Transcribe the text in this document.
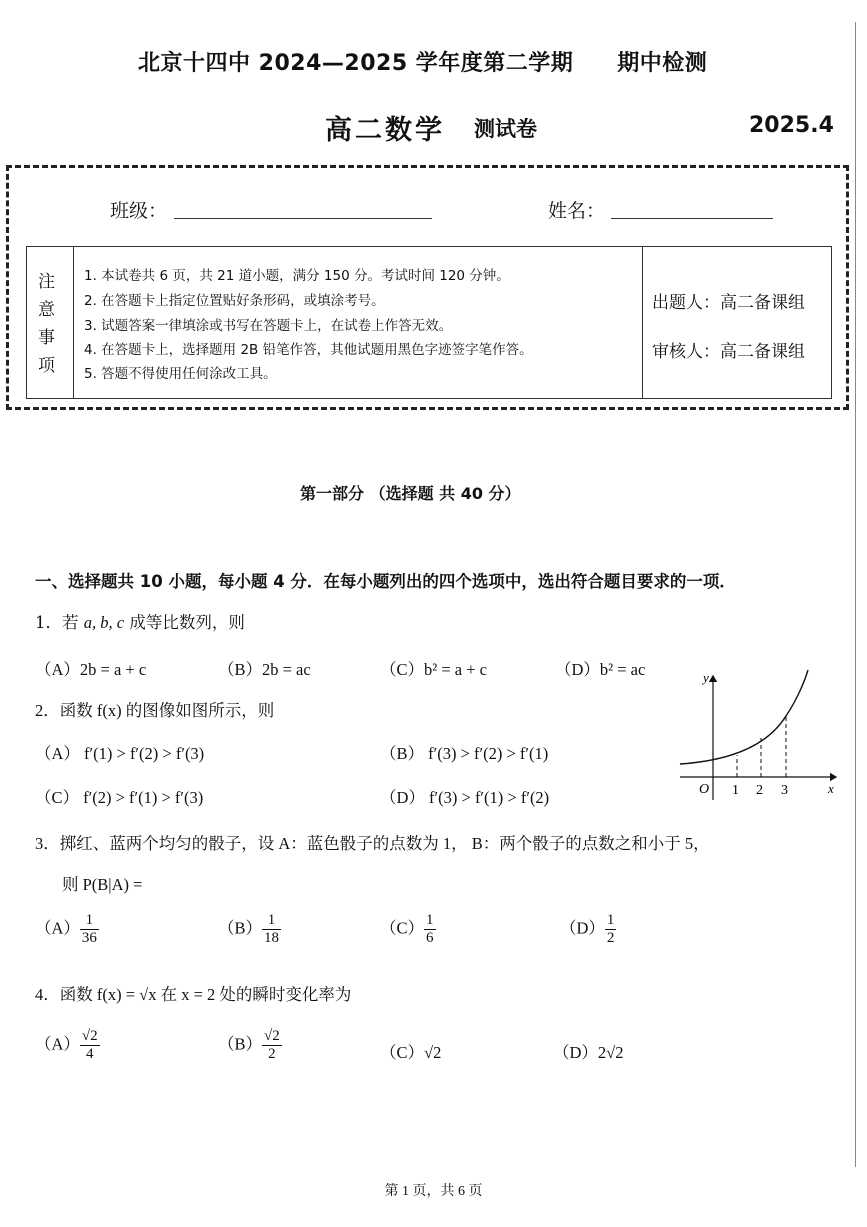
北京十四中 2024—2025 学年度第二学期 期中检测
高二数学 测试卷	2025.4
班级：	姓名：
注
意
事
项
1. 本试卷共 6 页，共 21 道小题，满分 150 分。考试时间 120 分钟。
2. 在答题卡上指定位置贴好条形码，或填涂考号。
3. 试题答案一律填涂或书写在答题卡上，在试卷上作答无效。
4. 在答题卡上，选择题用 2B 铅笔作答，其他试题用黑色字迹签字笔作答。
5. 答题不得使用任何涂改工具。
出题人：高二备课组
审核人：高二备课组
第一部分 （选择题 共 40 分）
一、选择题共 10 小题，每小题 4 分．在每小题列出的四个选项中，选出符合题目要求的一项．
1．若 a, b, c 成等比数列，则
（A）2b = a + c	（B）2b = ac	（C）b² = a + c	（D）b² = ac
2．函数 f(x) 的图像如图所示，则
（A） f′(1) > f′(2) > f′(3)	（B） f′(3) > f′(2) > f′(1)
（C） f′(2) > f′(1) > f′(3)	（D） f′(3) > f′(1) > f′(2)
y
x
O 1 2 3
3．掷红、蓝两个均匀的骰子，设 A：蓝色骰子的点数为 1， B：两个骰子的点数之和小于 5，
则 P(B|A) =
$(A) \frac{1}{36}$	$(B) \frac{1}{18}$	$(C) \frac{1}{6}$	$(D) \frac{1}{2}$
4．函数 f(x) = √x 在 x = 2 处的瞬时变化率为
$(A) \frac{√2}{4}$	$(B) \frac{√2}{2}$	（C）√2	（D）2√2
第 1 页，共 6 页
